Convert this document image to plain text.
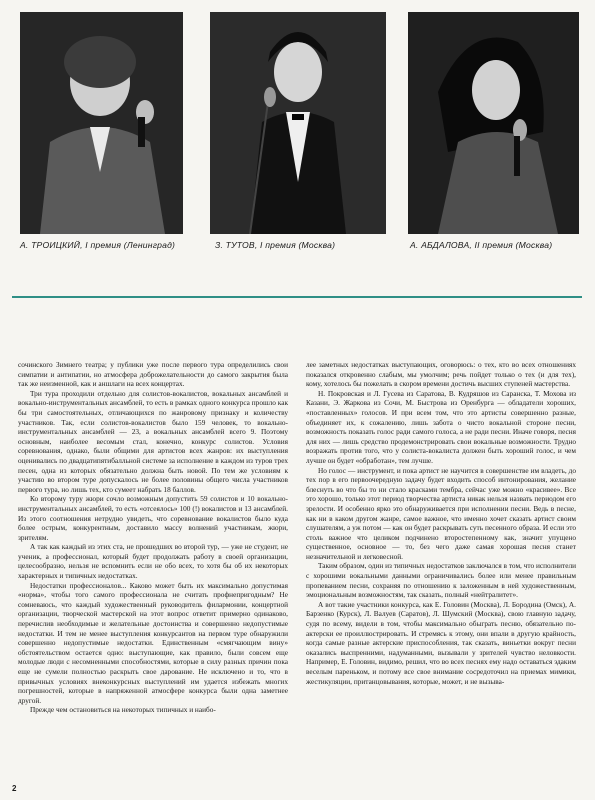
А. ТРОИЦКИЙ, I премия (Ленинград)	З. ТУТОВ, I премия (Москва)	А. АБДАЛОВА, II премия (Москва)

сочинского Зимнего театра; у публики уже после первого тура определились свои симпатии и антипатии, но атмосфера доброжелательности до самого закрытия была так же неизменной, как и аншлаги на всех концертах.

Три тура проходили отдельно для солистов-вокалистов, вокальных ансамблей и вокально-инструментальных ансамблей, то есть в рамках одного конкурса прошло как бы три самостоятельных, отличающихся по жанровому признаку и количеству участников. Так, если солистов-вокалистов было 159 человек, то вокально-инструментальных ансамблей — 23, а вокальных ансамблей всего 9. Поэтому основным, наиболее весомым стал, конечно, конкурс солистов. Условия соревнования, однако, были общими для артистов всех жанров: их выступления оценивались по двадцатипятибалльной системе за исполнение в каждом из туров трех песен, одна из которых обязательно должна быть новой. По тем же условиям к участию во втором туре допускалось не более половины общего числа участников первого тура, но лишь тех, кто сумеет набрать 18 баллов.

Ко второму туру жюри сочло возможным допустить 59 солистов и 10 вокально-инструментальных ансамблей, то есть «отсеялось» 100 (!) вокалистов и 13 ансамблей. Из этого соотношения нетрудно увидеть, что соревнование вокалистов было куда более острым, конкурентным, доставило массу волнений участникам, жюри, зрителям.

А так как каждый из этих ста, не прошедших во второй тур, — уже не студент, не ученик, а профессионал, который будет продолжать работу в своей организации, целесообразно, нельзя не вспомнить если не обо всех, то хотя бы об их некоторых характерных и типичных недостатках.

Недостатки профессионалов... Каково может быть их максимально допустимая «норма», чтобы того самого профессионала не считать профнепригодным? Не сомневаюсь, что каждый художественный руководитель филармонии, концертной организации, творческой мастерской на этот вопрос ответит примерно одинаково, перечислив необходимые и желательные достоинства и совершенно недопустимые недостатки. И тем не менее выступления конкурсантов на первом туре обнаружили совершенно недопустимые недостатки. Единственным «смягчающим вину» обстоятельством остается одно: выступающие, как правило, были совсем еще молодые люди с несомненными способностями, которые в силу разных причин пока еще не сумели полностью раскрыть свое дарование. Не исключено и то, что в привычных условиях внеконкурсных выступлений им удается избежать многих погрешностей, которые в напряженной атмосфере конкурса были одна заметнее другой.

Прежде чем остановиться на некоторых типичных и наибо-

лее заметных недостатках выступающих, оговорюсь: о тех, кто во всех отношениях показался откровенно слабым, мы умолчим; речь пойдет только о тех (и для тех), кому, хотелось бы пожелать в скором времени достичь высших ступеней мастерства.

Н. Покровская и Л. Гусева из Саратова, В. Кудряшов из Саранска, Т. Мохова из Казани, Э. Жаркова из Сочи, М. Быстрова из Оренбурга — обладатели хороших, «поставленных» голосов. И при всем том, что это артисты совершенно разные, объединяет их, к сожалению, лишь забота о чисто вокальной стороне песни, возможность показать голос ради самого голоса, а не ради песни. Иначе говоря, песня для них — лишь средство продемонстрировать свои вокальные возможности. Трудно возражать против того, что у солиста-вокалиста должен быть хороший голос, и чем лучше он будет «обработан», тем лучше.

Но голос — инструмент, и пока артист не научится в совершенстве им владеть, до тех пор в его первоочередную задачу будет входить способ интонирования, желание блеснуть во что бы то ни стало красками тембра, сейчас уже можно «красивее». Все это хорошо, только этот период творчества артиста никак нельзя назвать периодом его зрелости. И особенно ярко это обнаруживается при исполнении песни. Ведь в песне, как ни в каком другом жанре, самое важное, что именно хочет сказать артист своим слушателям, а уж потом — как он будет раскрывать суть песенного образа. И если это столь важное что целиком подчинено второстепенному как, значит упущено существенное, основное — то, без чего даже самая хорошая песня станет незначительной и легковесной.

Таким образом, один из типичных недостатков заключался в том, что исполнители с хорошими вокальными данными ограничивались более или менее правильным пропеванием песни, сохраняя по отношению к заложенным в ней художественным, эмоциональным возможностям, так сказать, полный «нейтралитет».

А вот такие участники конкурса, как Е. Головин (Москва), Л. Бородина (Омск), А. Барзенко (Курск), Л. Валуев (Саратов), Л. Шумский (Москва), свою главную задачу, судя по всему, видели в том, чтобы максимально обыграть песню, обязательно по-актерски ее проиллюстрировать. И стремясь к этому, они впали в другую крайность, когда самые разные актерские приспособления, так сказать, виньетки вокруг песни оказались выспренними, надуманными, вызывали у зрителей чувство неловкости. Например, Е. Головин, видимо, решил, что во всех песнях ему надо оставаться эдаким веселым пареньком, и потому все свое внимание сосредоточил на приемах мимики, жестикуляции, пританцовывания, которые, может, и не вызыва-

2
